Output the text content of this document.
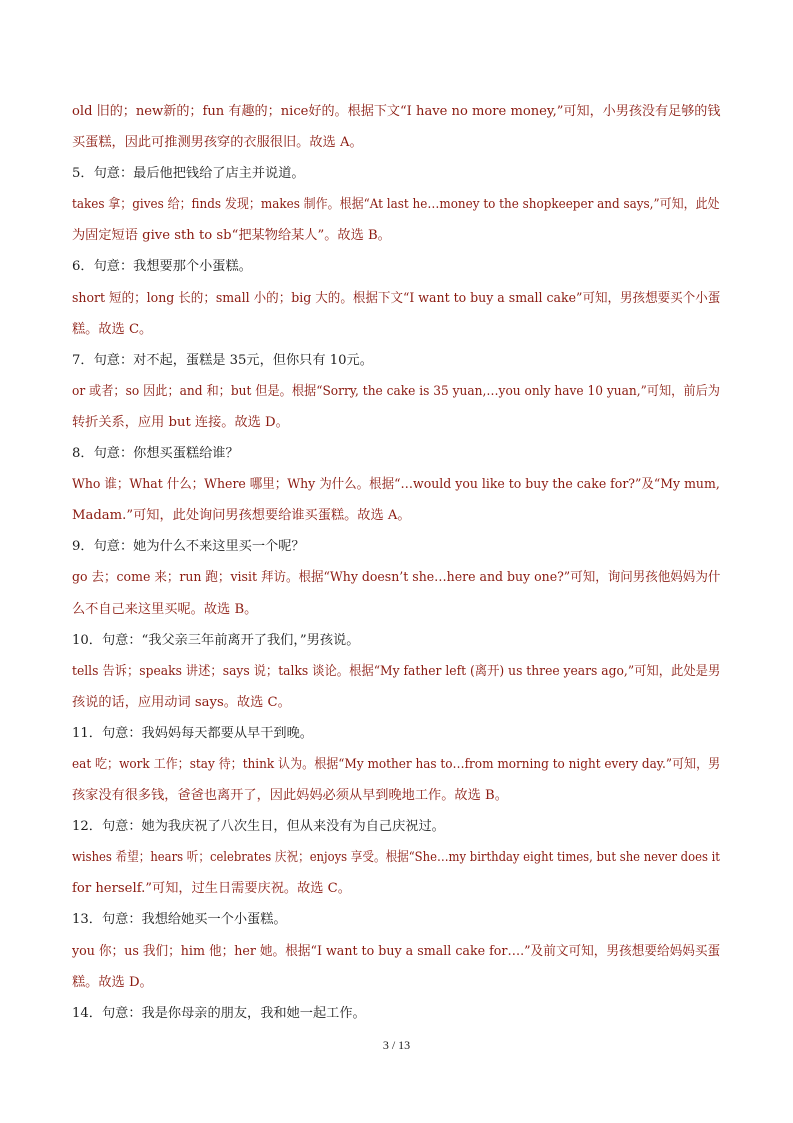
old 旧的；new新的；fun 有趣的；nice好的。根据下文“I have no more money,”可知，小男孩没有足够的钱
买蛋糕，因此可推测男孩穿的衣服很旧。故选 A。
5．句意：最后他把钱给了店主并说道。
takes 拿；gives 给；finds 发现；makes 制作。根据“At last he…money to the shopkeeper and says,”可知，此处
为固定短语 give sth to sb“把某物给某人”。故选 B。
6．句意：我想要那个小蛋糕。
short 短的；long 长的；small 小的；big 大的。根据下文“I want to buy a small cake”可知，男孩想要买个小蛋
糕。故选 C。
7．句意：对不起，蛋糕是 35元，但你只有 10元。
or 或者；so 因此；and 和；but 但是。根据“Sorry, the cake is 35 yuan,…you only have 10 yuan,”可知，前后为
转折关系，应用 but 连接。故选 D。
8．句意：你想买蛋糕给谁？
Who 谁；What 什么；Where 哪里；Why 为什么。根据“…would you like to buy the cake for?”及“My mum,
Madam.”可知，此处询问男孩想要给谁买蛋糕。故选 A。
9．句意：她为什么不来这里买一个呢？
go 去；come 来；run 跑；visit 拜访。根据“Why doesn’t she…here and buy one?”可知，询问男孩他妈妈为什
么不自己来这里买呢。故选 B。
10．句意：“我父亲三年前离开了我们，”男孩说。
tells 告诉；speaks 讲述；says 说；talks 谈论。根据“My father left (离开) us three years ago,”可知，此处是男
孩说的话，应用动词 says。故选 C。
11．句意：我妈妈每天都要从早干到晚。
eat 吃；work 工作；stay 待；think 认为。根据“My mother has to…from morning to night every day.”可知，男
孩家没有很多钱，爸爸也离开了，因此妈妈必须从早到晚地工作。故选 B。
12．句意：她为我庆祝了八次生日，但从来没有为自己庆祝过。
wishes 希望；hears 听；celebrates 庆祝；enjoys 享受。根据“She…my birthday eight times, but she never does it
for herself.”可知，过生日需要庆祝。故选 C。
13．句意：我想给她买一个小蛋糕。
you 你；us 我们；him 他；her 她。根据“I want to buy a small cake for….”及前文可知，男孩想要给妈妈买蛋
糕。故选 D。
14．句意：我是你母亲的朋友，我和她一起工作。
3 / 13
